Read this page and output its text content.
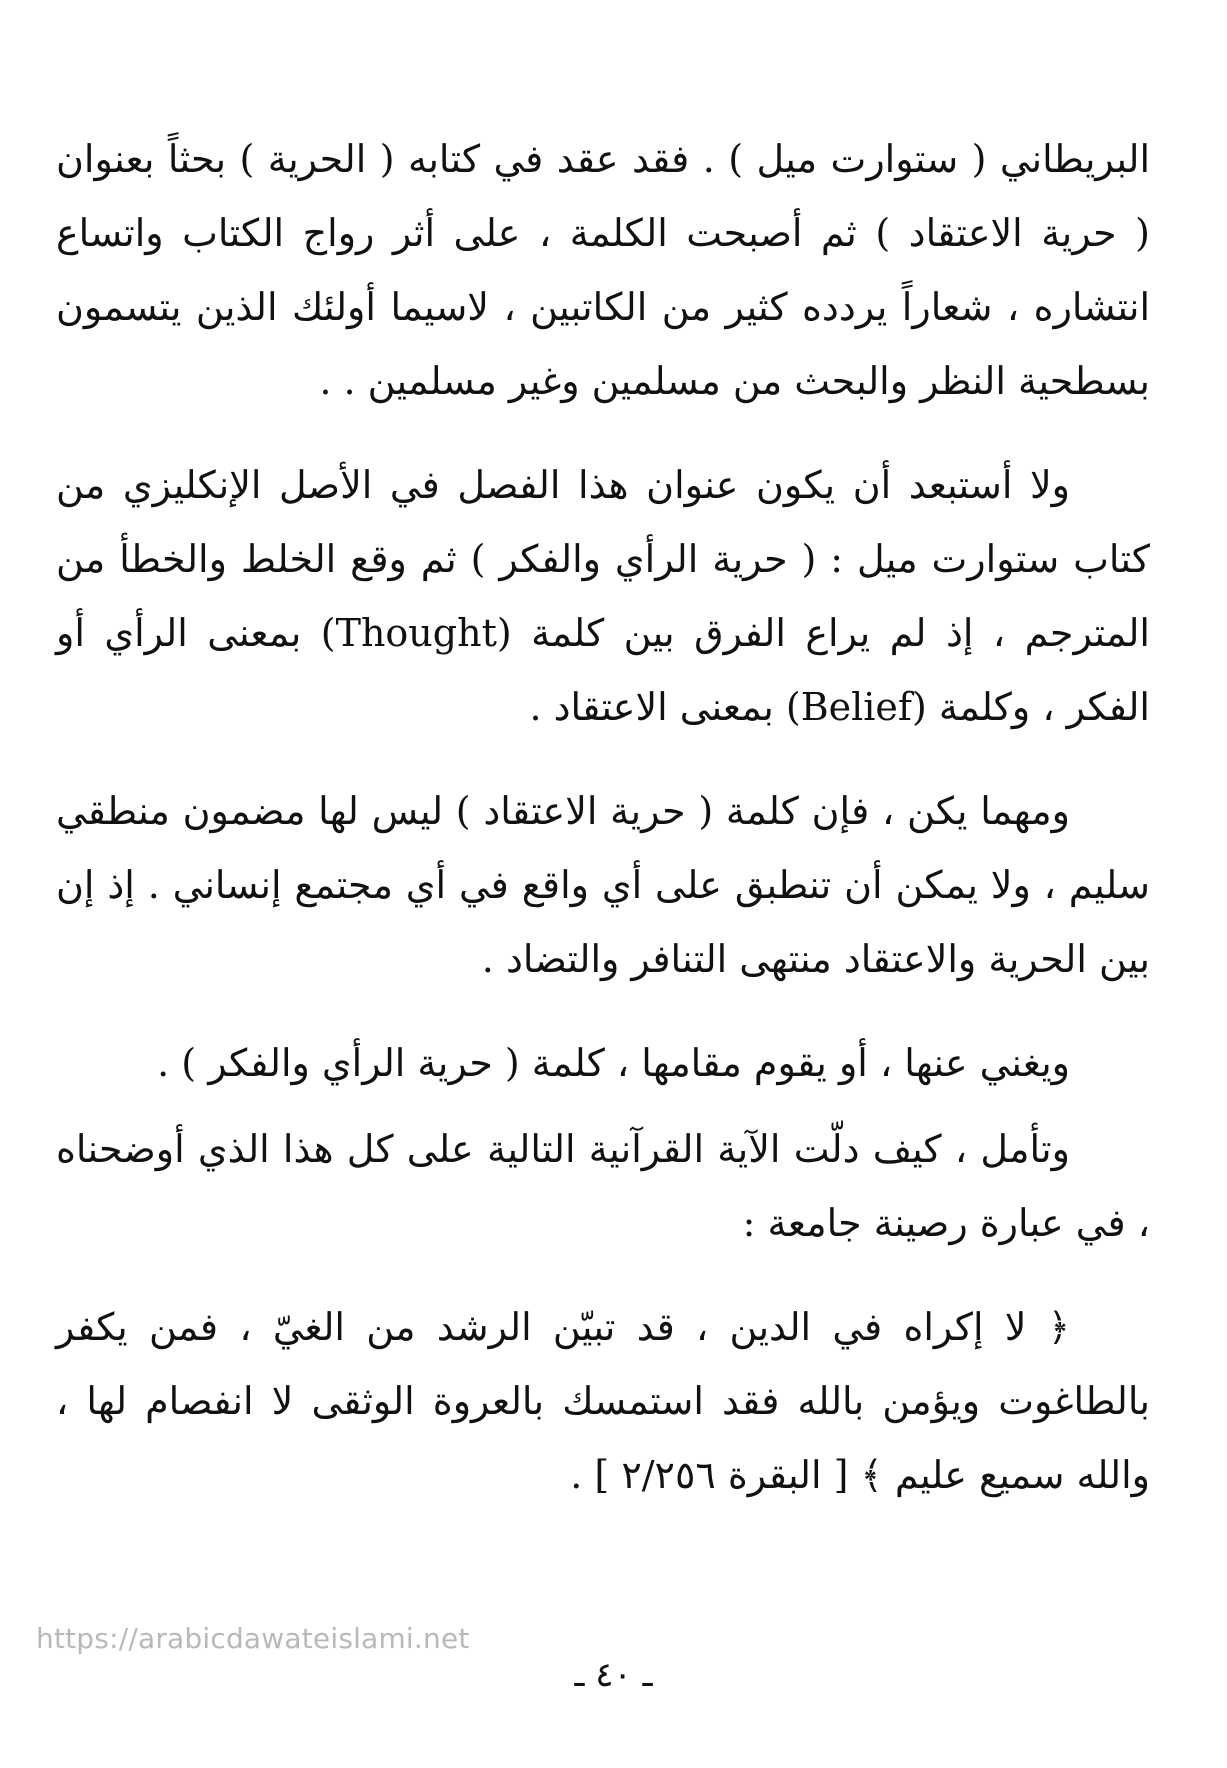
البريطاني ( ستوارت ميل ) . فقد عقد في كتابه ( الحرية ) بحثاً بعنوان ( حرية الاعتقاد ) ثم أصبحت الكلمة ، على أثر رواج الكتاب واتساع انتشاره ، شعاراً يردده كثير من الكاتبين ، لاسيما أولئك الذين يتسمون بسطحية النظر والبحث من مسلمين وغير مسلمين . .

ولا أستبعد أن يكون عنوان هذا الفصل في الأصل الإنكليزي من كتاب ستوارت ميل : ( حرية الرأي والفكر ) ثم وقع الخلط والخطأ من المترجم ، إذ لم يراع الفرق بين كلمة (Thought) بمعنى الرأي أو الفكر ، وكلمة (Belief) بمعنى الاعتقاد .

ومهما يكن ، فإن كلمة ( حرية الاعتقاد ) ليس لها مضمون منطقي سليم ، ولا يمكن أن تنطبق على أي واقع في أي مجتمع إنساني . إذ إن بين الحرية والاعتقاد منتهى التنافر والتضاد .

ويغني عنها ، أو يقوم مقامها ، كلمة ( حرية الرأي والفكر ) .

وتأمل ، كيف دلّت الآية القرآنية التالية على كل هذا الذي أوضحناه ، في عبارة رصينة جامعة :

﴿ لا إكراه في الدين ، قد تبيّن الرشد من الغيّ ، فمن يكفر بالطاغوت ويؤمن بالله فقد استمسك بالعروة الوثقى لا انفصام لها ، والله سميع عليم ﴾ [ البقرة ٢/٢٥٦ ] .

https://arabicdawateislami.net
ـ ٤٠ ـ
